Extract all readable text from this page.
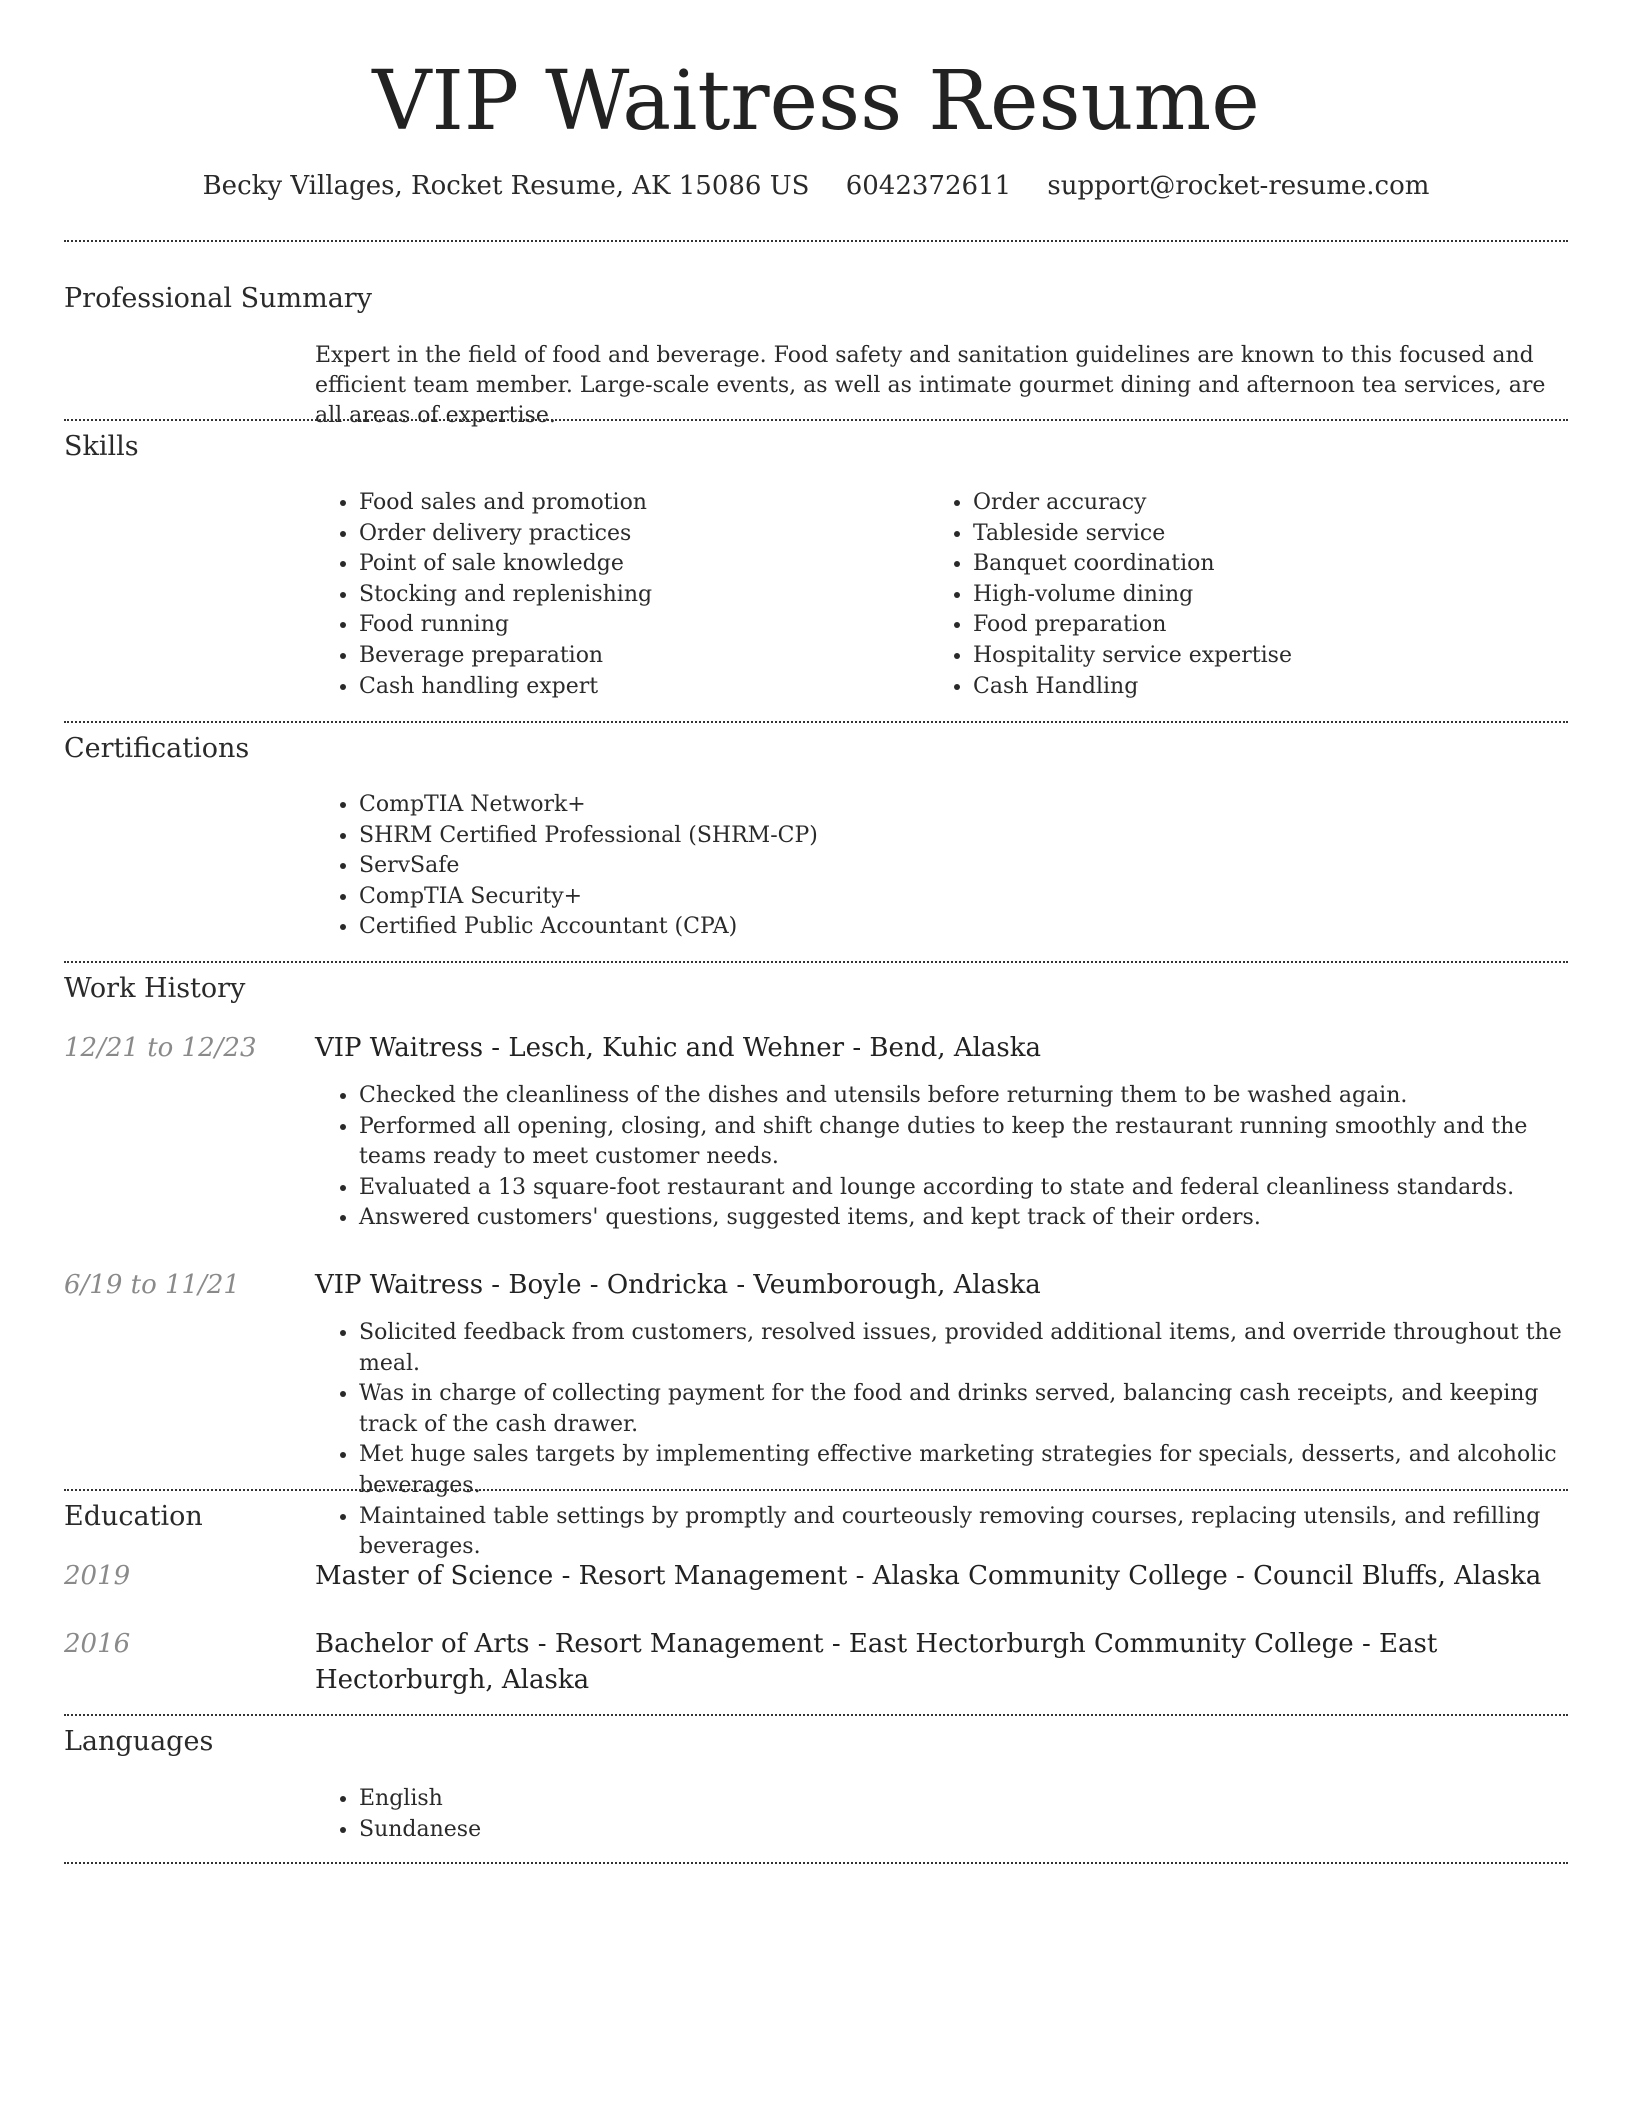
VIP Waitress Resume
Becky Villages, Rocket Resume, AK 15086 US 6042372611 support@rocket-resume.com
Professional Summary
Expert in the field of food and beverage. Food safety and sanitation guidelines are known to this focused and efficient team member. Large-scale events, as well as intimate gourmet dining and afternoon tea services, are all areas of expertise.
Skills
• Food sales and promotion
• Order delivery practices
• Point of sale knowledge
• Stocking and replenishing
• Food running
• Beverage preparation
• Cash handling expert
• Order accuracy
• Tableside service
• Banquet coordination
• High-volume dining
• Food preparation
• Hospitality service expertise
• Cash Handling
Certifications
• CompTIA Network+
• SHRM Certified Professional (SHRM-CP)
• ServSafe
• CompTIA Security+
• Certified Public Accountant (CPA)
Work History
12/21 to 12/23 VIP Waitress - Lesch, Kuhic and Wehner - Bend, Alaska
• Checked the cleanliness of the dishes and utensils before returning them to be washed again.
• Performed all opening, closing, and shift change duties to keep the restaurant running smoothly and the teams ready to meet customer needs.
• Evaluated a 13 square-foot restaurant and lounge according to state and federal cleanliness standards.
• Answered customers' questions, suggested items, and kept track of their orders.
6/19 to 11/21	VIP Waitress - Boyle - Ondricka - Veumborough, Alaska
• Solicited feedback from customers, resolved issues, provided additional items, and override throughout the meal.
• Was in charge of collecting payment for the food and drinks served, balancing cash receipts, and keeping track of the cash drawer.
• Met huge sales targets by implementing effective marketing strategies for specials, desserts, and alcoholic beverages.
• Maintained table settings by promptly and courteously removing courses, replacing utensils, and refilling beverages.
Education
2019	Master of Science - Resort Management - Alaska Community College - Council Bluffs, Alaska
2016	Bachelor of Arts - Resort Management - East Hectorburgh Community College - East Hectorburgh, Alaska
Languages
• English
• Sundanese
